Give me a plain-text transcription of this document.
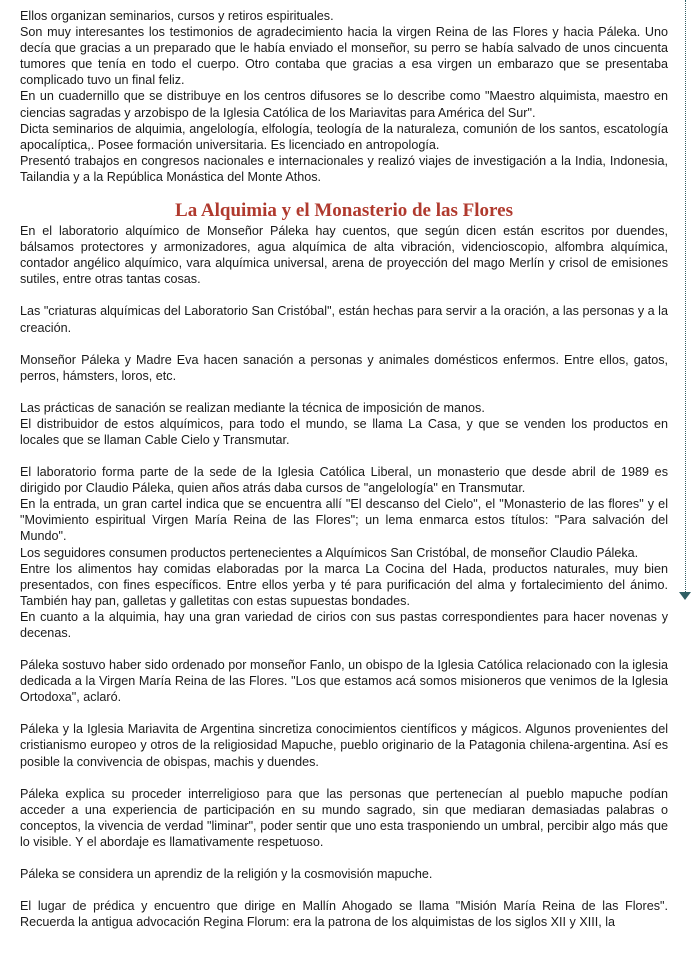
Ellos organizan seminarios, cursos y retiros espirituales.

Son muy interesantes los testimonios de agradecimiento hacia la virgen Reina de las Flores y hacia Páleka. Uno decía que gracias a un preparado que le había enviado el monseñor, su perro se había salvado de unos cincuenta tumores que tenía en todo el cuerpo. Otro contaba que gracias a esa virgen un embarazo que se presentaba complicado tuvo un final feliz.

En un cuadernillo que se distribuye en los centros difusores se lo describe como "Maestro alquimista, maestro en ciencias sagradas y arzobispo de la Iglesia Católica de los Mariavitas para América del Sur".

Dicta seminarios de alquimia, angelología, elfología, teología de la naturaleza, comunión de los santos, escatología apocalíptica,. Posee formación universitaria. Es licenciado en antropología.

Presentó trabajos en congresos nacionales e internacionales y realizó viajes de investigación a la India, Indonesia, Tailandia y a la República Monástica del Monte Athos.

La Alquimia y el Monasterio de las Flores

En el laboratorio alquímico de Monseñor Páleka hay cuentos, que según dicen están escritos por duendes, bálsamos protectores y armonizadores, agua alquímica de alta vibración, videncioscopio, alfombra alquímica, contador angélico alquímico, vara alquímica universal, arena de proyección del mago Merlín y crisol de emisiones sutiles, entre otras tantas cosas.

Las "criaturas alquímicas del Laboratorio San Cristóbal", están hechas para servir a la oración, a las personas y a la creación.

Monseñor Páleka y Madre Eva hacen sanación a personas y animales domésticos enfermos. Entre ellos, gatos, perros, hámsters, loros, etc.

Las prácticas de sanación se realizan mediante la técnica de imposición de manos.

El distribuidor de estos alquímicos, para todo el mundo, se llama La Casa, y que se venden los productos en locales que se llaman Cable Cielo y Transmutar.

El laboratorio forma parte de la sede de la Iglesia Católica Liberal, un monasterio que desde abril de 1989 es dirigido por Claudio Páleka, quien años atrás daba cursos de "angelología" en Transmutar.

En la entrada, un gran cartel indica que se encuentra allí "El descanso del Cielo", el "Monasterio de las flores" y el "Movimiento espiritual Virgen María Reina de las Flores"; un lema enmarca estos títulos: "Para salvación del Mundo".

Los seguidores consumen productos pertenecientes a Alquímicos San Cristóbal, de monseñor Claudio Páleka.

Entre los alimentos hay comidas elaboradas por la marca La Cocina del Hada, productos naturales, muy bien presentados, con fines específicos. Entre ellos yerba y té para purificación del alma y fortalecimiento del ánimo. También hay pan, galletas y galletitas con estas supuestas bondades.

En cuanto a la alquimia, hay una gran variedad de cirios con sus pastas correspondientes para hacer novenas y decenas.

Páleka sostuvo haber sido ordenado por monseñor Fanlo, un obispo de la Iglesia Católica relacionado con la iglesia dedicada a la Virgen María Reina de las Flores. "Los que estamos acá somos misioneros que venimos de la Iglesia Ortodoxa", aclaró.

Páleka y la Iglesia Mariavita de Argentina sincretiza conocimientos científicos y mágicos. Algunos provenientes del cristianismo europeo y otros de la religiosidad Mapuche, pueblo originario de la Patagonia chilena-argentina. Así es posible la convivencia de obispas, machis y duendes.

Páleka explica su proceder interreligioso para que las personas que pertenecían al pueblo mapuche podían acceder a una experiencia de participación en su mundo sagrado, sin que mediaran demasiadas palabras o conceptos, la vivencia de verdad "liminar", poder sentir que uno esta trasponiendo un umbral, percibir algo más que lo visible. Y el abordaje es llamativamente respetuoso.

Páleka se considera un aprendiz de la religión y la cosmovisión mapuche.

El lugar de prédica y encuentro que dirige en Mallín Ahogado se llama "Misión María Reina de las Flores". Recuerda la antigua advocación Regina Florum: era la patrona de los alquimistas de los siglos XII y XIII, la
